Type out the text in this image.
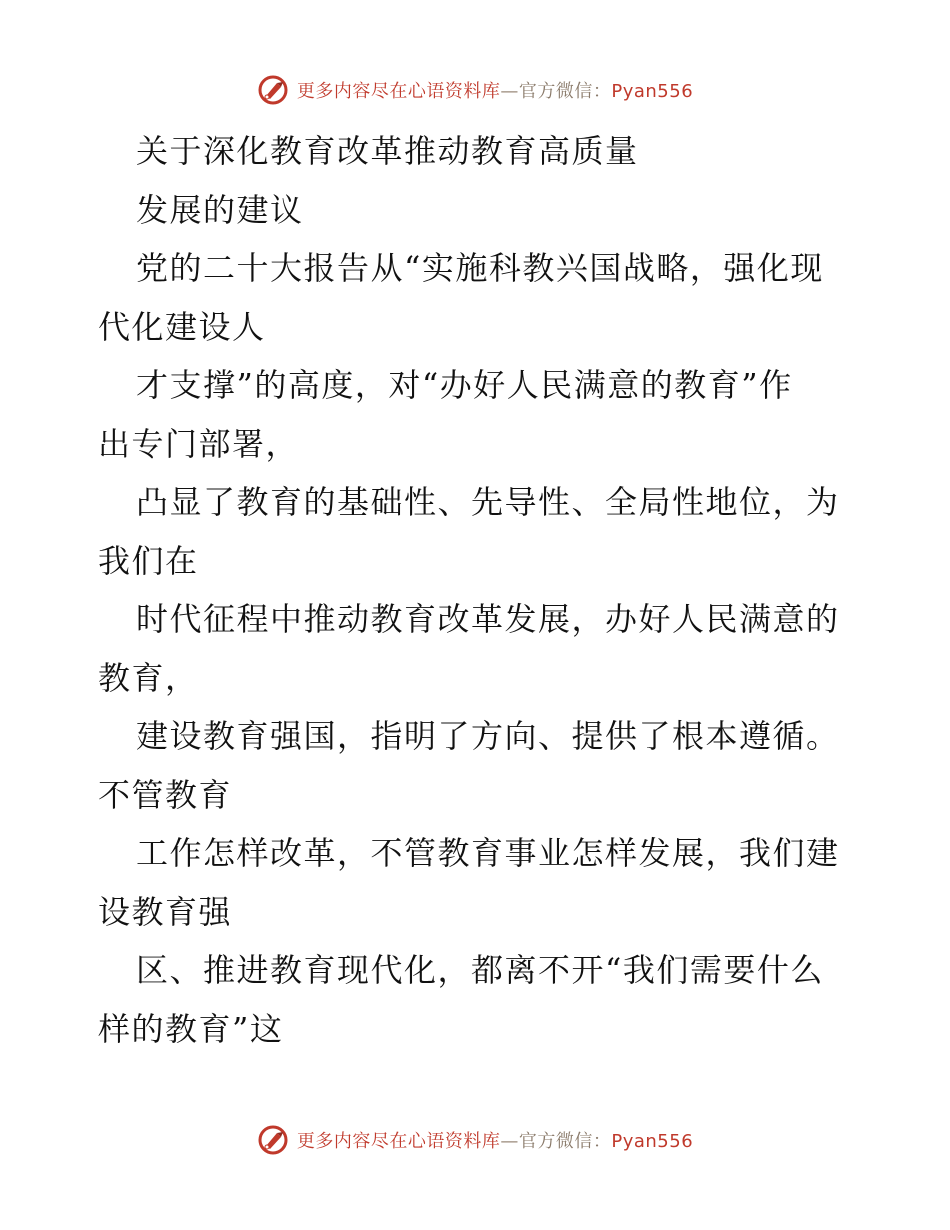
更多内容尽在心语资料库—官方微信：Pyan556
关于深化教育改革推动教育高质量
发展的建议
党的二十大报告从“实施科教兴国战略，强化现
代化建设人
才支撑”的高度，对“办好人民满意的教育”作
出专门部署，
凸显了教育的基础性、先导性、全局性地位，为
我们在
时代征程中推动教育改革发展，办好人民满意的
教育，
建设教育强国，指明了方向、提供了根本遵循。
不管教育
工作怎样改革，不管教育事业怎样发展，我们建
设教育强
区、推进教育现代化，都离不开“我们需要什么
样的教育”这
更多内容尽在心语资料库—官方微信：Pyan556
